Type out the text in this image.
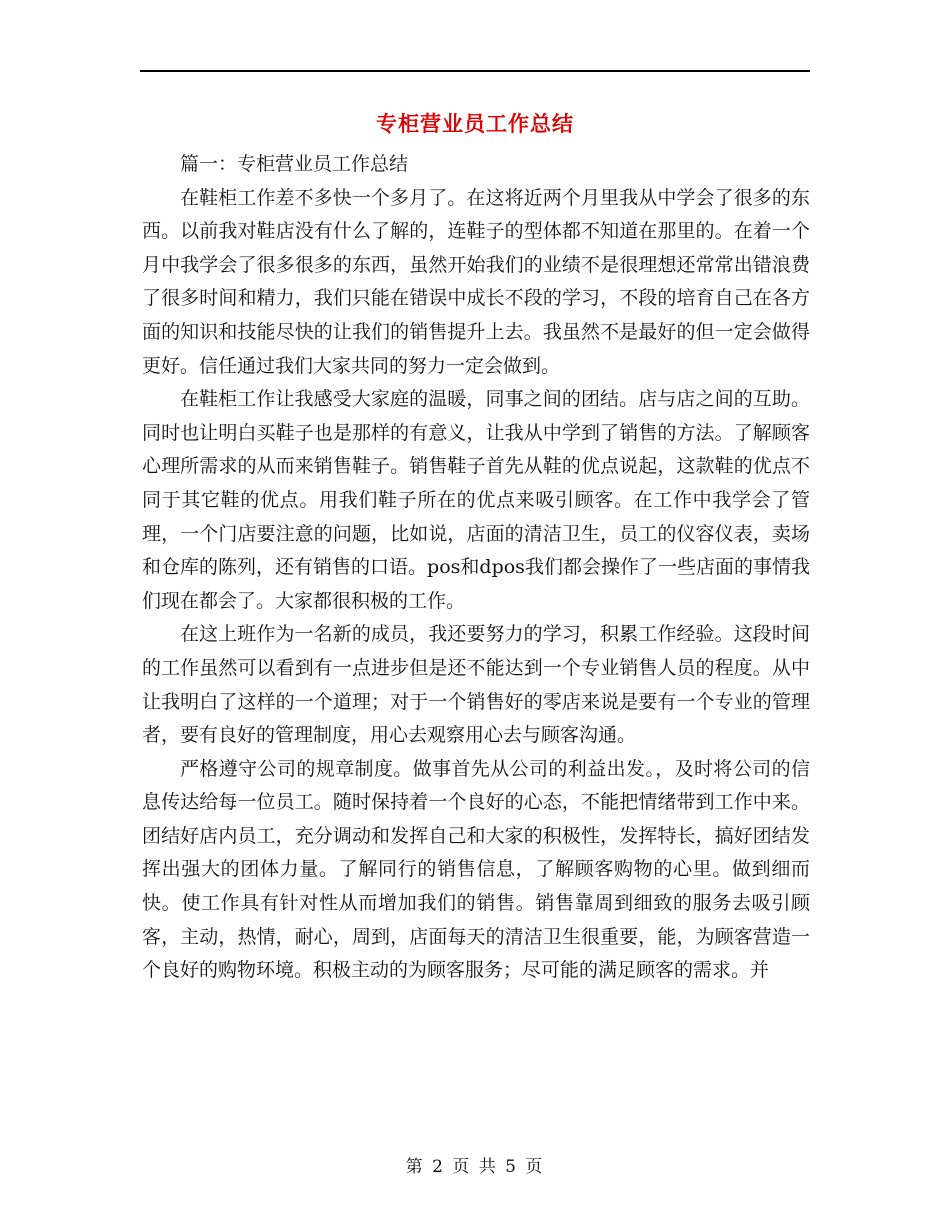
专柜营业员工作总结

篇一：专柜营业员工作总结

在鞋柜工作差不多快一个多月了。在这将近两个月里我从中学会了很多的东西。以前我对鞋店没有什么了解的，连鞋子的型体都不知道在那里的。在着一个月中我学会了很多很多的东西，虽然开始我们的业绩不是很理想还常常出错浪费了很多时间和精力，我们只能在错误中成长不段的学习，不段的培育自己在各方面的知识和技能尽快的让我们的销售提升上去。我虽然不是最好的但一定会做得更好。信任通过我们大家共同的努力一定会做到。

在鞋柜工作让我感受大家庭的温暖，同事之间的团结。店与店之间的互助。同时也让明白买鞋子也是那样的有意义，让我从中学到了销售的方法。了解顾客心理所需求的从而来销售鞋子。销售鞋子首先从鞋的优点说起，这款鞋的优点不同于其它鞋的优点。用我们鞋子所在的优点来吸引顾客。在工作中我学会了管理，一个门店要注意的问题，比如说，店面的清洁卫生，员工的仪容仪表，卖场和仓库的陈列，还有销售的口语。pos和dpos我们都会操作了一些店面的事情我们现在都会了。大家都很积极的工作。

在这上班作为一名新的成员，我还要努力的学习，积累工作经验。这段时间的工作虽然可以看到有一点进步但是还不能达到一个专业销售人员的程度。从中让我明白了这样的一个道理；对于一个销售好的零店来说是要有一个专业的管理者，要有良好的管理制度，用心去观察用心去与顾客沟通。

严格遵守公司的规章制度。做事首先从公司的利益出发。，及时将公司的信息传达给每一位员工。随时保持着一个良好的心态，不能把情绪带到工作中来。团结好店内员工，充分调动和发挥自己和大家的积极性，发挥特长，搞好团结发挥出强大的团体力量。了解同行的销售信息，了解顾客购物的心里。做到细而快。使工作具有针对性从而增加我们的销售。销售靠周到细致的服务去吸引顾客，主动，热情，耐心，周到，店面每天的清洁卫生很重要，能，为顾客营造一个良好的购物环境。积极主动的为顾客服务；尽可能的满足顾客的需求。并

第 2 页 共 5 页
